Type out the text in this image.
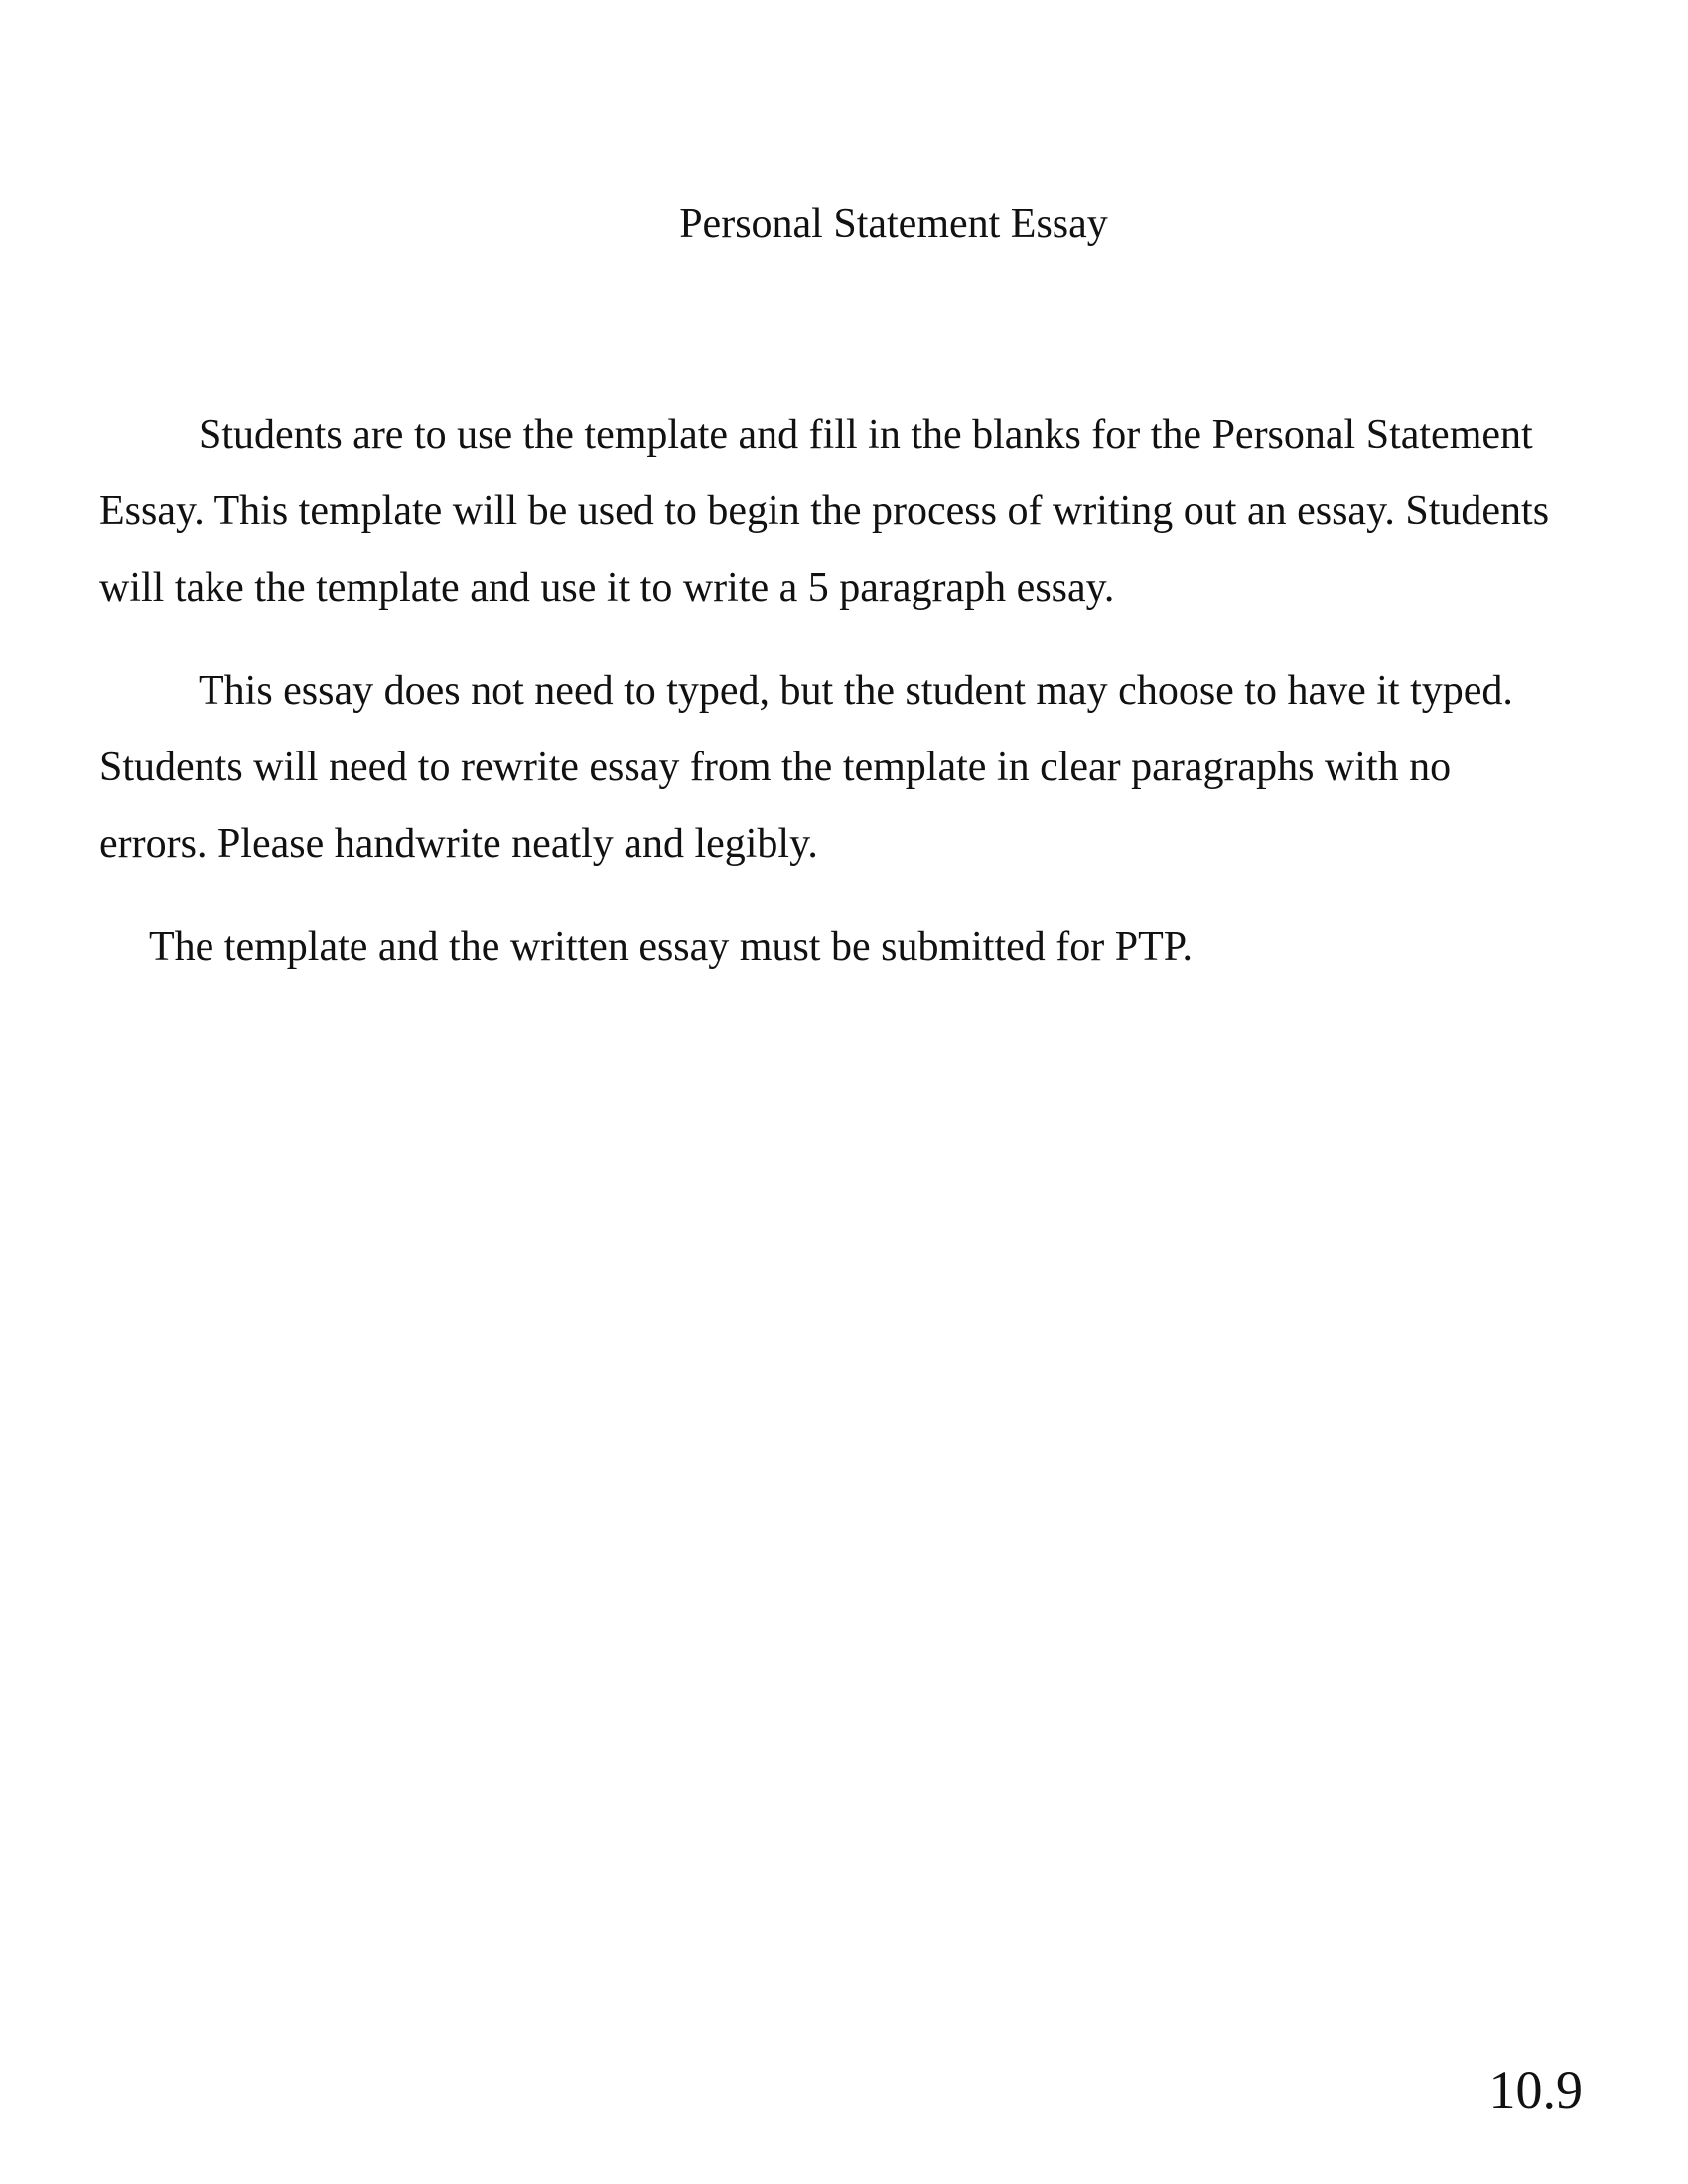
Personal Statement Essay

Students are to use the template and fill in the blanks for the Personal Statement Essay. This template will be used to begin the process of writing out an essay. Students will take the template and use it to write a 5 paragraph essay.

This essay does not need to typed, but the student may choose to have it typed. Students will need to rewrite essay from the template in clear paragraphs with no errors. Please handwrite neatly and legibly.

The template and the written essay must be submitted for PTP.

10.9
